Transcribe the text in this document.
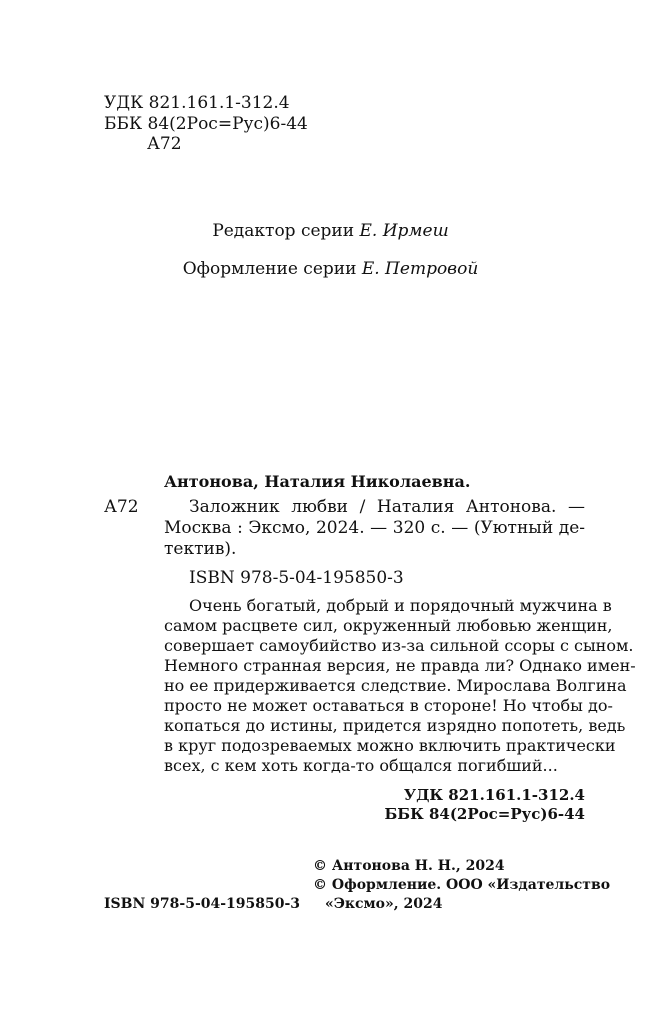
УДК 821.161.1-312.4
ББК 84(2Рос=Рус)6-44
А72
Редактор серии Е. Ирмеш
Оформление серии Е. Петровой
Антонова, Наталия Николаевна.
А72	Заложник любви / Наталия Антонова. —
Москва : Эксмо, 2024. — 320 с. — (Уютный де-
тектив).
ISBN 978-5-04-195850-3
Очень богатый, добрый и порядочный мужчина в
самом расцвете сил, окруженный любовью женщин,
совершает самоубийство из-за сильной ссоры с сыном.
Немного странная версия, не правда ли? Однако имен-
но ее придерживается следствие. Мирослава Волгина
просто не может оставаться в стороне! Но чтобы до-
копаться до истины, придется изрядно попотеть, ведь
в круг подозреваемых можно включить практически
всех, с кем хоть когда-то общался погибший...
УДК 821.161.1-312.4
ББК 84(2Рос=Рус)6-44
© Антонова Н. Н., 2024
© Оформление. ООО «Издательство
«Эксмо», 2024
ISBN 978-5-04-195850-3
